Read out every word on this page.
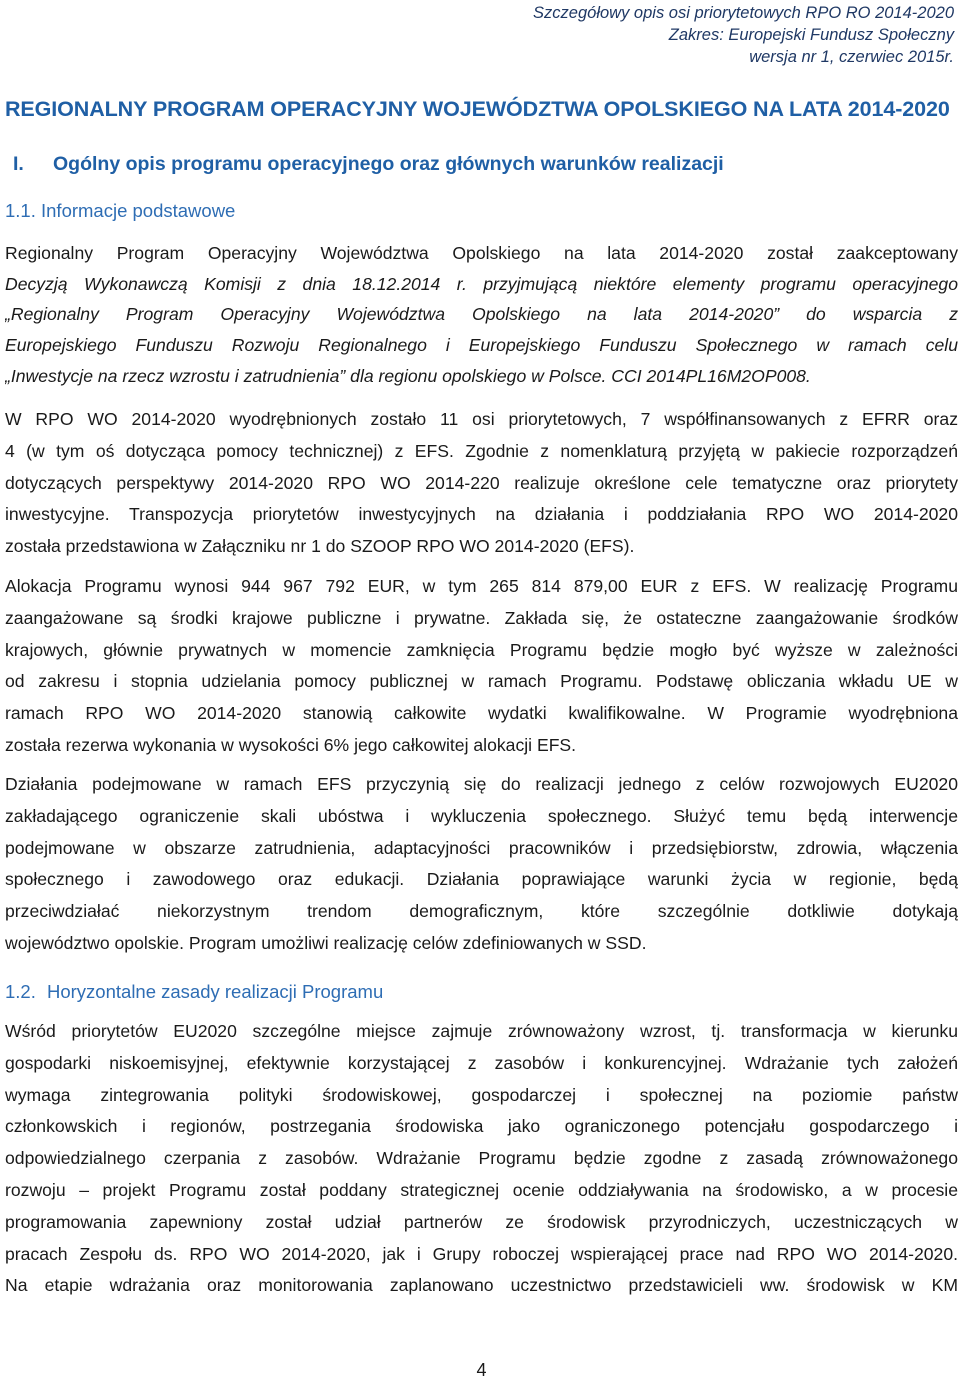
Szczegółowy opis osi priorytetowych RPO RO 2014-2020
Zakres: Europejski Fundusz Społeczny
wersja nr 1, czerwiec 2015r.
REGIONALNY PROGRAM OPERACYJNY WOJEWÓDZTWA OPOLSKIEGO NA LATA 2014-2020
I. Ogólny opis programu operacyjnego oraz głównych warunków realizacji
1.1. Informacje podstawowe
Regionalny Program Operacyjny Województwa Opolskiego na lata 2014-2020 został zaakceptowany
Decyzją Wykonawczą Komisji z dnia 18.12.2014 r. przyjmującą niektóre elementy programu operacyjnego
„Regionalny Program Operacyjny Województwa Opolskiego na lata 2014-2020” do wsparcia z
Europejskiego Funduszu Rozwoju Regionalnego i Europejskiego Funduszu Społecznego w ramach celu
„Inwestycje na rzecz wzrostu i zatrudnienia” dla regionu opolskiego w Polsce. CCI 2014PL16M2OP008.
W RPO WO 2014-2020 wyodrębnionych zostało 11 osi priorytetowych, 7 współfinansowanych z EFRR oraz
4 (w tym oś dotycząca pomocy technicznej) z EFS. Zgodnie z nomenklaturą przyjętą w pakiecie rozporządzeń
dotyczących perspektywy 2014-2020 RPO WO 2014-220 realizuje określone cele tematyczne oraz priorytety
inwestycyjne. Transpozycja priorytetów inwestycyjnych na działania i poddziałania RPO WO 2014-2020
została przedstawiona w Załączniku nr 1 do SZOOP RPO WO 2014-2020 (EFS).
Alokacja Programu wynosi 944 967 792 EUR, w tym 265 814 879,00 EUR z EFS. W realizację Programu
zaangażowane są środki krajowe publiczne i prywatne. Zakłada się, że ostateczne zaangażowanie środków
krajowych, głównie prywatnych w momencie zamknięcia Programu będzie mogło być wyższe w zależności
od zakresu i stopnia udzielania pomocy publicznej w ramach Programu. Podstawę obliczania wkładu UE w
ramach RPO WO 2014-2020 stanowią całkowite wydatki kwalifikowalne. W Programie wyodrębniona
została rezerwa wykonania w wysokości 6% jego całkowitej alokacji EFS.
Działania podejmowane w ramach EFS przyczynią się do realizacji jednego z celów rozwojowych EU2020
zakładającego ograniczenie skali ubóstwa i wykluczenia społecznego. Służyć temu będą interwencje
podejmowane w obszarze zatrudnienia, adaptacyjności pracowników i przedsiębiorstw, zdrowia, włączenia
społecznego i zawodowego oraz edukacji. Działania poprawiające warunki życia w regionie, będą
przeciwdziałać niekorzystnym trendom demograficznym, które szczególnie dotkliwie dotykają
województwo opolskie. Program umożliwi realizację celów zdefiniowanych w SSD.
1.2. Horyzontalne zasady realizacji Programu
Wśród priorytetów EU2020 szczególne miejsce zajmuje zrównoważony wzrost, tj. transformacja w kierunku
gospodarki niskoemisyjnej, efektywnie korzystającej z zasobów i konkurencyjnej. Wdrażanie tych założeń
wymaga zintegrowania polityki środowiskowej, gospodarczej i społecznej na poziomie państw
członkowskich i regionów, postrzegania środowiska jako ograniczonego potencjału gospodarczego i
odpowiedzialnego czerpania z zasobów. Wdrażanie Programu będzie zgodne z zasadą zrównoważonego
rozwoju – projekt Programu został poddany strategicznej ocenie oddziaływania na środowisko, a w procesie
programowania zapewniony został udział partnerów ze środowisk przyrodniczych, uczestniczących w
pracach Zespołu ds. RPO WO 2014-2020, jak i Grupy roboczej wspierającej prace nad RPO WO 2014-2020.
Na etapie wdrażania oraz monitorowania zaplanowano uczestnictwo przedstawicieli ww. środowisk w KM
4
